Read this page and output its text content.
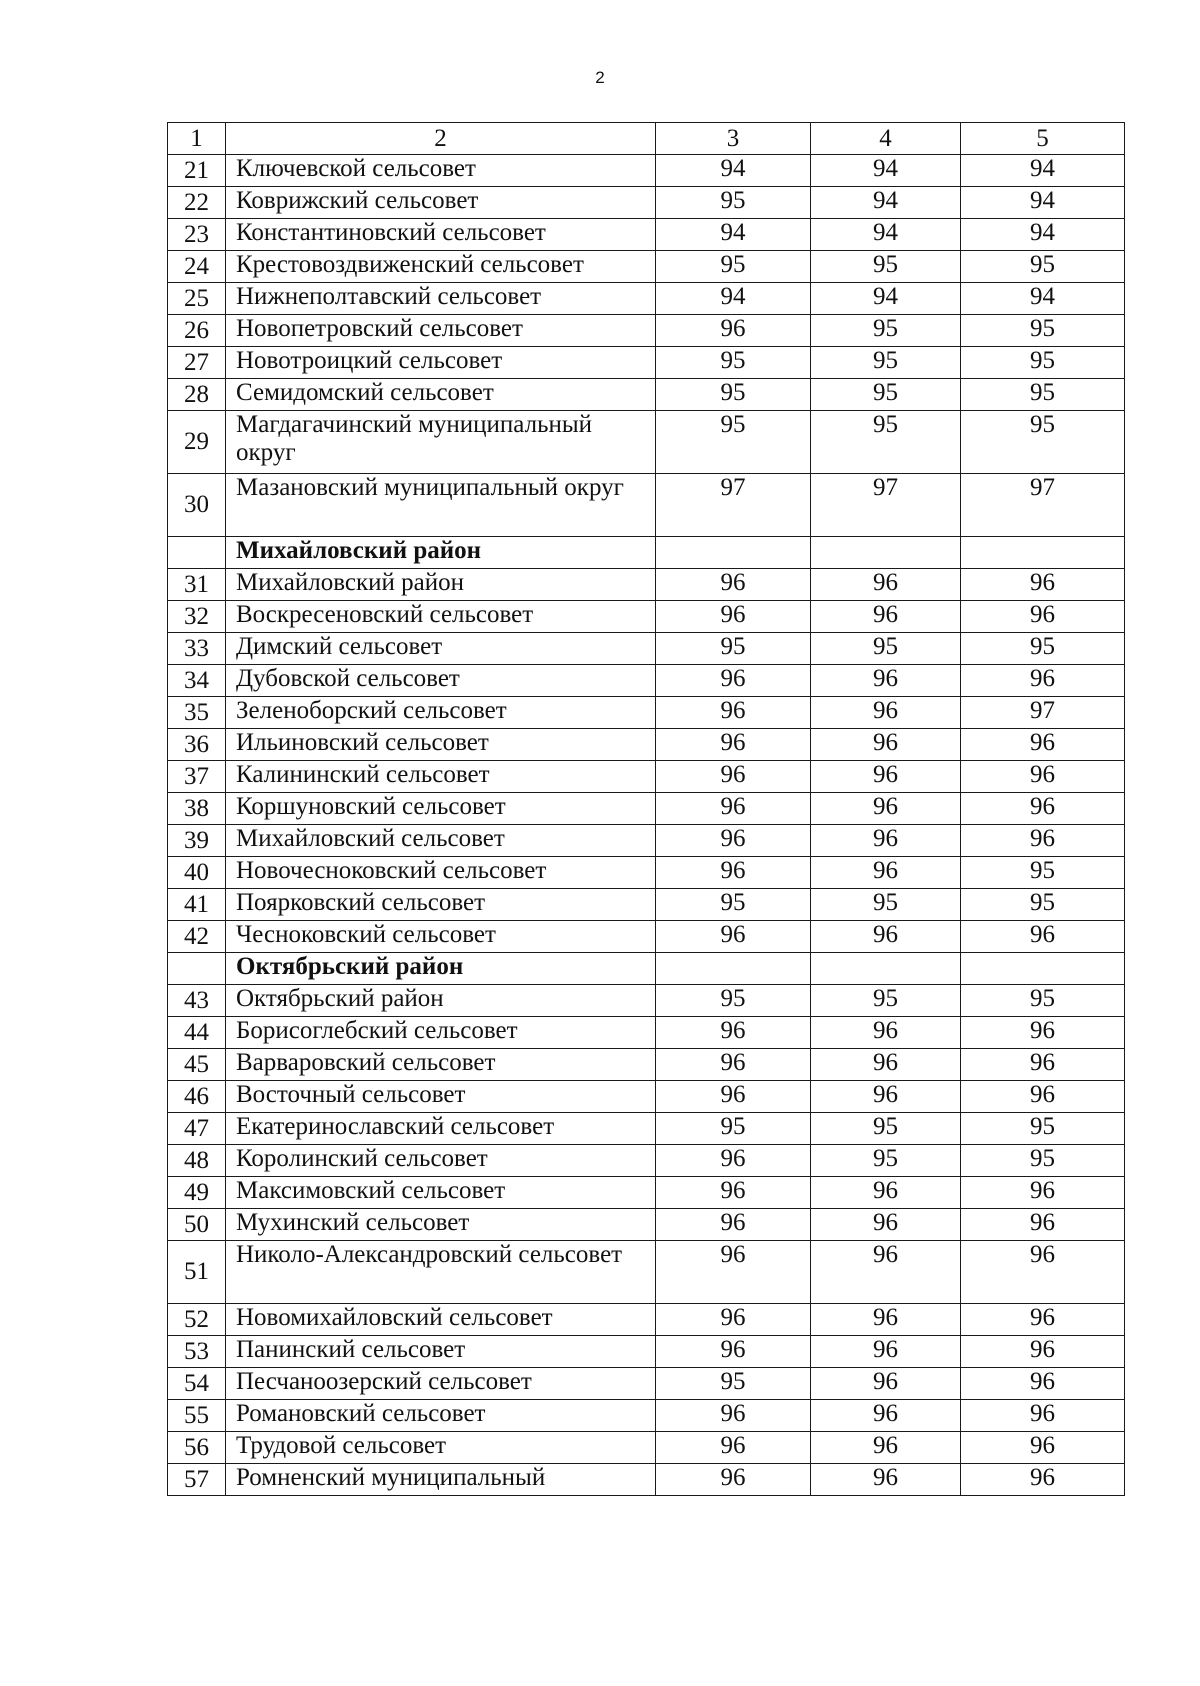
2
1	2	3	4	5
21	Ключевской сельсовет	94	94	94
22	Коврижский сельсовет	95	94	94
23	Константиновский сельсовет	94	94	94
24	Крестовоздвиженский сельсовет	95	95	95
25	Нижнеполтавский сельсовет	94	94	94
26	Новопетровский сельсовет	96	95	95
27	Новотроицкий сельсовет	95	95	95
28	Семидомский сельсовет	95	95	95
29	Магдагачинский муниципальный округ	95	95	95
30	Мазановский муниципальный округ	97	97	97
	Михайловский район			
31	Михайловский район	96	96	96
32	Воскресеновский сельсовет	96	96	96
33	Димский сельсовет	95	95	95
34	Дубовской сельсовет	96	96	96
35	Зеленоборский сельсовет	96	96	97
36	Ильиновский сельсовет	96	96	96
37	Калининский сельсовет	96	96	96
38	Коршуновский сельсовет	96	96	96
39	Михайловский сельсовет	96	96	96
40	Новочесноковский сельсовет	96	96	95
41	Поярковский сельсовет	95	95	95
42	Чесноковский сельсовет	96	96	96
	Октябрьский район			
43	Октябрьский район	95	95	95
44	Борисоглебский сельсовет	96	96	96
45	Варваровский сельсовет	96	96	96
46	Восточный сельсовет	96	96	96
47	Екатеринославский сельсовет	95	95	95
48	Королинский сельсовет	96	95	95
49	Максимовский сельсовет	96	96	96
50	Мухинский сельсовет	96	96	96
51	Николо-Александровский сельсовет	96	96	96
52	Новомихайловский сельсовет	96	96	96
53	Панинский сельсовет	96	96	96
54	Песчаноозерский сельсовет	95	96	96
55	Романовский сельсовет	96	96	96
56	Трудовой сельсовет	96	96	96
57	Ромненский муниципальный	96	96	96
